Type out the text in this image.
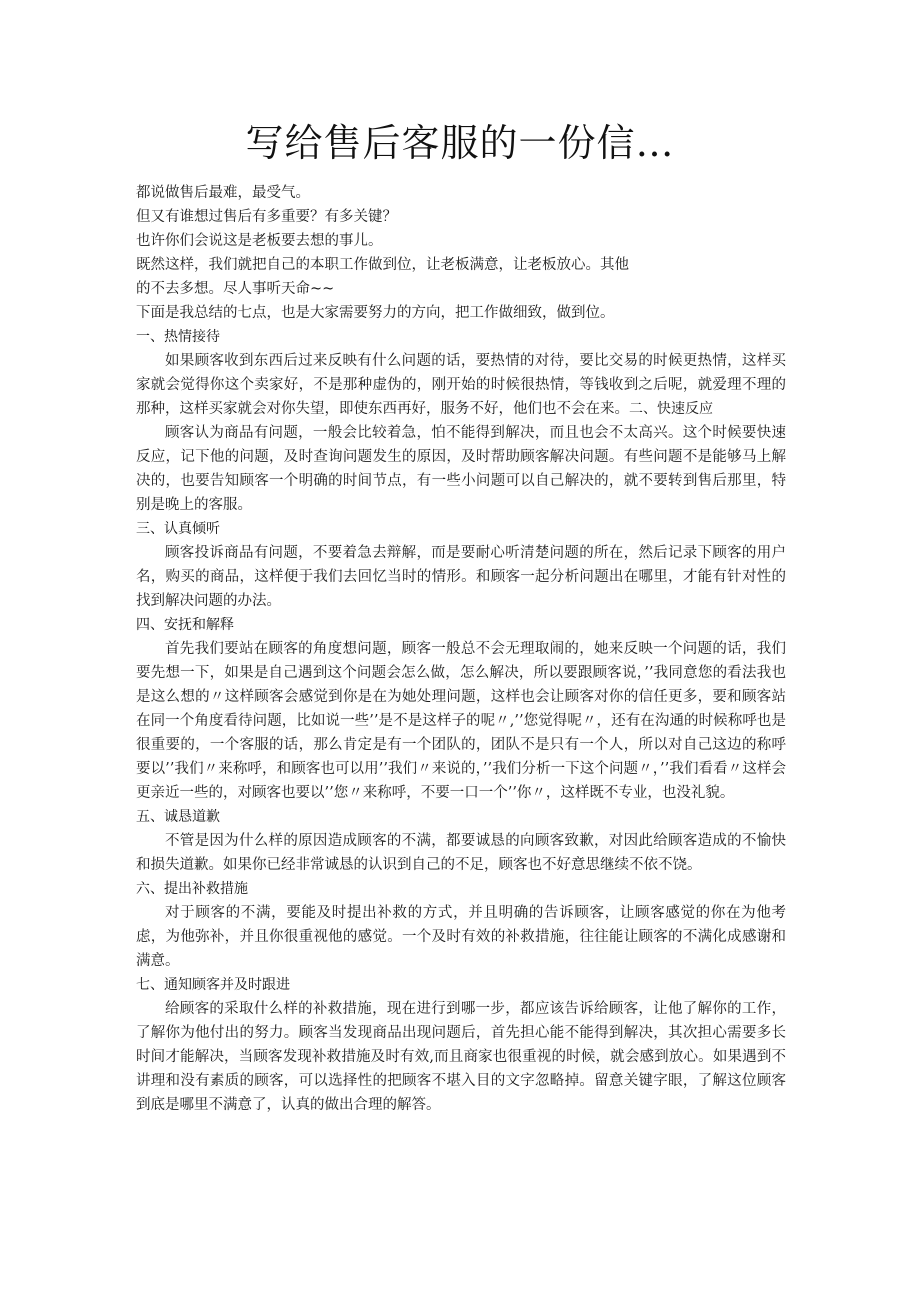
写给售后客服的一份信…

都说做售后最难，最受气。

但又有谁想过售后有多重要？有多关键？

也许你们会说这是老板要去想的事儿。

既然这样，我们就把自己的本职工作做到位，让老板满意，让老板放心。其他

的不去多想。尽人事听天命~~

下面是我总结的七点，也是大家需要努力的方向，把工作做细致，做到位。

一、热情接待

如果顾客收到东西后过来反映有什么问题的话，要热情的对待，要比交易的时候更热情，这样买家就会觉得你这个卖家好，不是那种虚伪的，刚开始的时候很热情，等钱收到之后呢，就爱理不理的那种，这样买家就会对你失望，即使东西再好，服务不好，他们也不会在来。二、快速反应

顾客认为商品有问题，一般会比较着急，怕不能得到解决，而且也会不太高兴。这个时候要快速反应，记下他的问题，及时查询问题发生的原因，及时帮助顾客解决问题。有些问题不是能够马上解决的，也要告知顾客一个明确的时间节点，有一些小问题可以自己解决的，就不要转到售后那里，特别是晚上的客服。

三、认真倾听

顾客投诉商品有问题，不要着急去辩解，而是要耐心听清楚问题的所在，然后记录下顾客的用户名，购买的商品，这样便于我们去回忆当时的情形。和顾客一起分析问题出在哪里，才能有针对性的找到解决问题的办法。

四、安抚和解释

首先我们要站在顾客的角度想问题，顾客一般总不会无理取闹的，她来反映一个问题的话，我们要先想一下，如果是自己遇到这个问题会怎么做，怎么解决，所以要跟顾客说，’’我同意您的看法我也是这么想的〃这样顾客会感觉到你是在为她处理问题，这样也会让顾客对你的信任更多，要和顾客站在同一个角度看待问题，比如说一些’’是不是这样子的呢〃,’’您觉得呢〃，还有在沟通的时候称呼也是很重要的，一个客服的话，那么肯定是有一个团队的，团队不是只有一个人，所以对自己这边的称呼要以’’我们〃来称呼，和顾客也可以用’’我们〃来说的，’’我们分析一下这个问题〃，’’我们看看〃这样会更亲近一些的，对顾客也要以’’您〃来称呼，不要一口一个’’你〃，这样既不专业，也没礼貌。

五、诚恳道歉

不管是因为什么样的原因造成顾客的不满，都要诚恳的向顾客致歉，对因此给顾客造成的不愉快和损失道歉。如果你已经非常诚恳的认识到自己的不足，顾客也不好意思继续不依不饶。

六、提出补救措施

对于顾客的不满，要能及时提出补救的方式，并且明确的告诉顾客，让顾客感觉的你在为他考虑，为他弥补，并且你很重视他的感觉。一个及时有效的补救措施，往往能让顾客的不满化成感谢和满意。

七、通知顾客并及时跟进

给顾客的采取什么样的补救措施，现在进行到哪一步，都应该告诉给顾客，让他了解你的工作，了解你为他付出的努力。顾客当发现商品出现问题后，首先担心能不能得到解决，其次担心需要多长时间才能解决，当顾客发现补救措施及时有效,而且商家也很重视的时候，就会感到放心。如果遇到不讲理和没有素质的顾客，可以选择性的把顾客不堪入目的文字忽略掉。留意关键字眼，了解这位顾客到底是哪里不满意了，认真的做出合理的解答。
